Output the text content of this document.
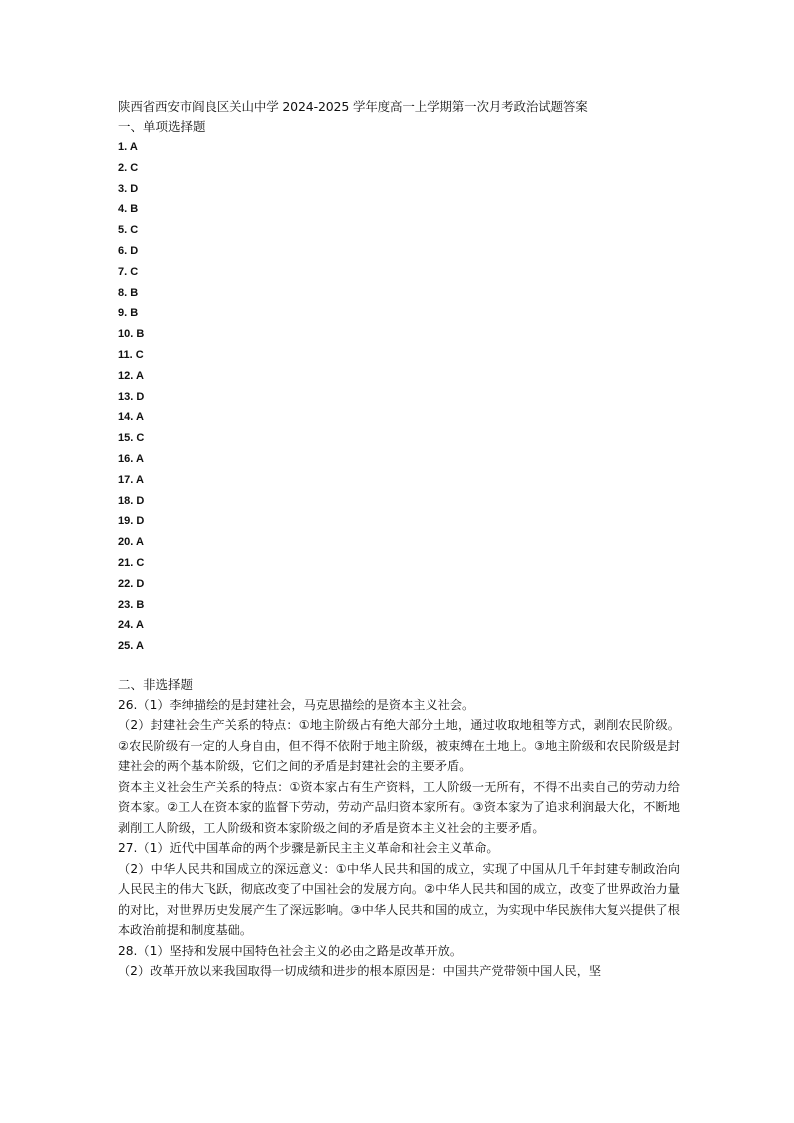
陕西省西安市阎良区关山中学 2024-2025 学年度高一上学期第一次月考政治试题答案
一、单项选择题
1. A
2. C
3. D
4. B
5. C
6. D
7. C
8. B
9. B
10. B
11. C
12. A
13. D
14. A
15. C
16. A
17. A
18. D
19. D
20. A
21. C
22. D
23. B
24. A
25. A
二、非选择题

26.（1）李绅描绘的是封建社会，马克思描绘的是资本主义社会。

（2）封建社会生产关系的特点：①地主阶级占有绝大部分土地，通过收取地租等方式，剥削农民阶级。②农民阶级有一定的人身自由，但不得不依附于地主阶级，被束缚在土地上。③地主阶级和农民阶级是封建社会的两个基本阶级，它们之间的矛盾是封建社会的主要矛盾。

资本主义社会生产关系的特点：①资本家占有生产资料，工人阶级一无所有，不得不出卖自己的劳动力给资本家。②工人在资本家的监督下劳动，劳动产品归资本家所有。③资本家为了追求利润最大化，不断地剥削工人阶级，工人阶级和资本家阶级之间的矛盾是资本主义社会的主要矛盾。

27.（1）近代中国革命的两个步骤是新民主主义革命和社会主义革命。

（2）中华人民共和国成立的深远意义：①中华人民共和国的成立，实现了中国从几千年封建专制政治向人民民主的伟大飞跃，彻底改变了中国社会的发展方向。②中华人民共和国的成立，改变了世界政治力量的对比，对世界历史发展产生了深远影响。③中华人民共和国的成立，为实现中华民族伟大复兴提供了根本政治前提和制度基础。

28.（1）坚持和发展中国特色社会主义的必由之路是改革开放。

（2）改革开放以来我国取得一切成绩和进步的根本原因是：中国共产党带领中国人民，坚
